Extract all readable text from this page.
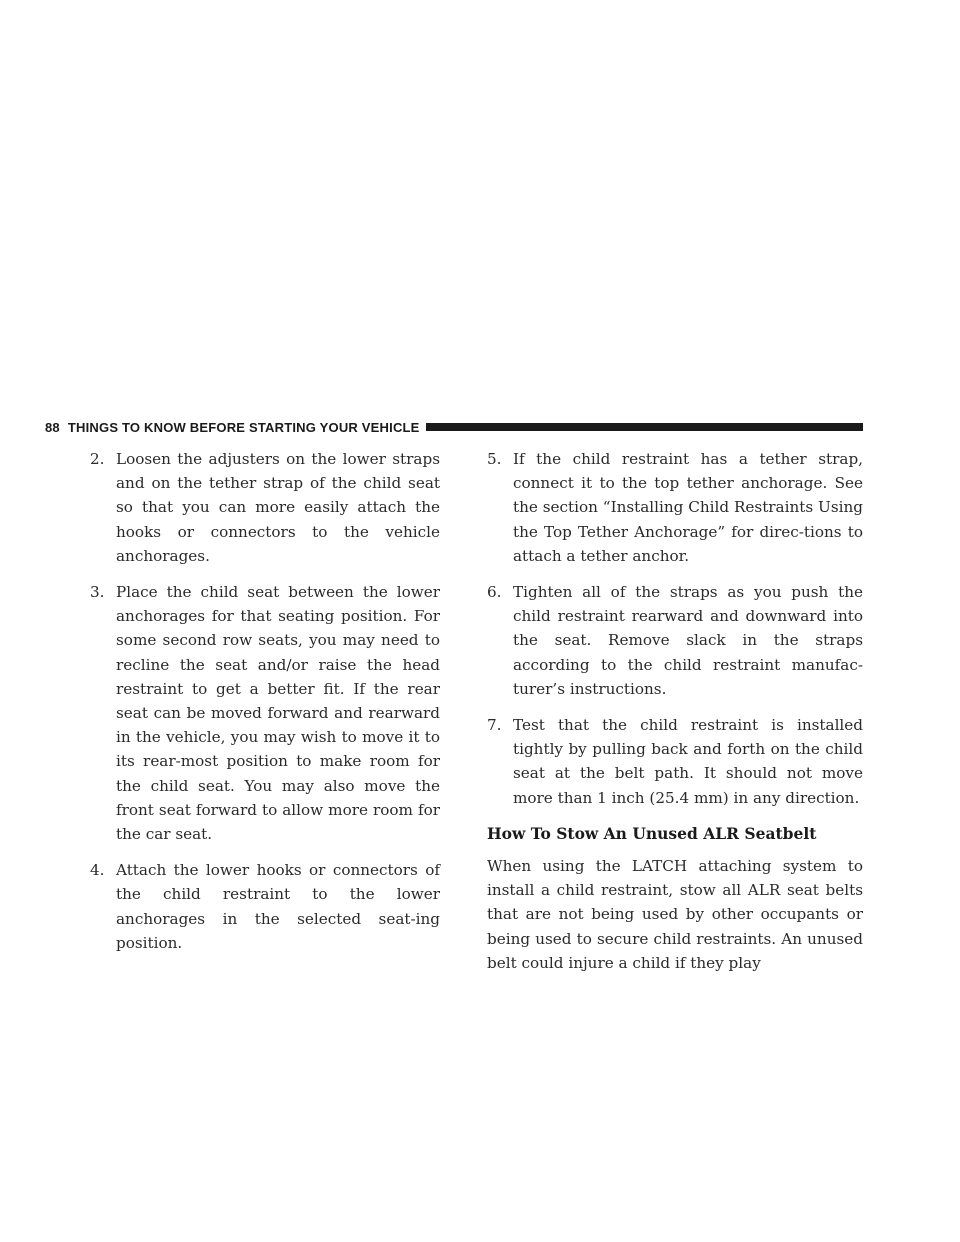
88 THINGS TO KNOW BEFORE STARTING YOUR VEHICLE
2. Loosen the adjusters on the lower straps and on the tether strap of the child seat so that you can more easily attach the hooks or connectors to the vehicle anchorages.
3. Place the child seat between the lower anchorages for that seating position. For some second row seats, you may need to recline the seat and/or raise the head restraint to get a better fit. If the rear seat can be moved forward and rearward in the vehicle, you may wish to move it to its rear-most position to make room for the child seat. You may also move the front seat forward to allow more room for the car seat.
4. Attach the lower hooks or connectors of the child restraint to the lower anchorages in the selected seat-ing position.
5. If the child restraint has a tether strap, connect it to the top tether anchorage. See the section “Installing Child Restraints Using the Top Tether Anchorage” for direc-tions to attach a tether anchor.
6. Tighten all of the straps as you push the child restraint rearward and downward into the seat. Remove slack in the straps according to the child restraint manufac-turer’s instructions.
7. Test that the child restraint is installed tightly by pulling back and forth on the child seat at the belt path. It should not move more than 1 inch (25.4 mm) in any direction.
How To Stow An Unused ALR Seatbelt

When using the LATCH attaching system to install a child restraint, stow all ALR seat belts that are not being used by other occupants or being used to secure child restraints. An unused belt could injure a child if they play
